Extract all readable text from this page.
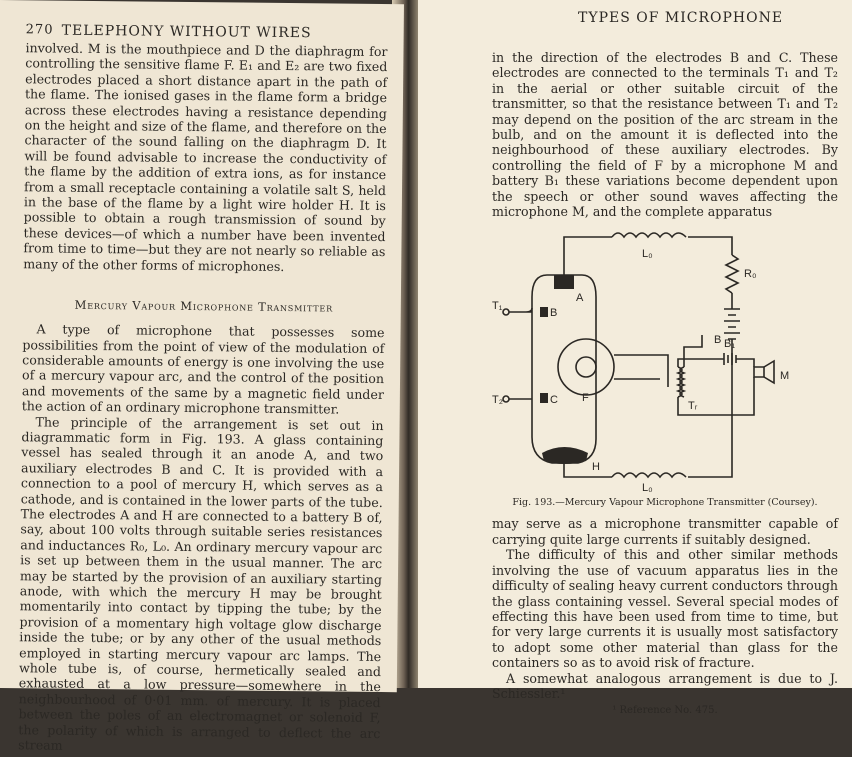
270 TELEPHONY WITHOUT WIRES

involved. M is the mouthpiece and D the diaphragm for controlling the sensitive flame F. E₁ and E₂ are two fixed electrodes placed a short distance apart in the path of the flame. The ionised gases in the flame form a bridge across these electrodes having a resistance depending on the height and size of the flame, and therefore on the character of the sound falling on the diaphragm D. It will be found advisable to increase the conductivity of the flame by the addition of extra ions, as for instance from a small receptacle containing a volatile salt S, held in the base of the flame by a light wire holder H. It is possible to obtain a rough transmission of sound by these devices—of which a number have been invented from time to time—but they are not nearly so reliable as many of the other forms of microphones.

Mercury Vapour Microphone Transmitter

A type of microphone that possesses some possibilities from the point of view of the modulation of considerable amounts of energy is one involving the use of a mercury vapour arc, and the control of the position and movements of the same by a magnetic field under the action of an ordinary microphone transmitter.

The principle of the arrangement is set out in diagrammatic form in Fig. 193. A glass containing vessel has sealed through it an anode A, and two auxiliary electrodes B and C. It is provided with a connection to a pool of mercury H, which serves as a cathode, and is contained in the lower parts of the tube. The electrodes A and H are connected to a battery B of, say, about 100 volts through suitable series resistances and inductances R₀, L₀. An ordinary mercury vapour arc is set up between them in the usual manner. The arc may be started by the provision of an auxiliary starting anode, with which the mercury H may be brought momentarily into contact by tipping the tube; by the provision of a momentary high voltage glow discharge inside the tube; or by any other of the usual methods employed in starting mercury vapour arc lamps. The whole tube is, of course, hermetically sealed and exhausted at a low pressure—somewhere in the neighbourhood of 0·01 mm. of mercury. It is placed between the poles of an electromagnet or solenoid F, the polarity of which is arranged to deflect the arc stream

TYPES OF MICROPHONE

in the direction of the electrodes B and C. These electrodes are connected to the terminals T₁ and T₂ in the aerial or other suitable circuit of the transmitter, so that the resistance between T₁ and T₂ may depend on the position of the arc stream in the bulb, and on the amount it is deflected into the neighbourhood of these auxiliary electrodes. By controlling the field of F by a microphone M and battery B₁ these variations become dependent upon the speech or other sound waves affecting the microphone M, and the complete apparatus

A
B
C F
H
T₁
T₂	Tᵣ
L₀
L₀
R₀
B B₁
M
Fig. 193.—Mercury Vapour Microphone Transmitter (Coursey).

may serve as a microphone transmitter capable of carrying quite large currents if suitably designed.

The difficulty of this and other similar methods involving the use of vacuum apparatus lies in the difficulty of sealing heavy current conductors through the glass containing vessel. Several special modes of effecting this have been used from time to time, but for very large currents it is usually most satisfactory to adopt some other material than glass for the containers so as to avoid risk of fracture.

A somewhat analogous arrangement is due to J. Schiessler.¹

¹ Reference No. 475.
